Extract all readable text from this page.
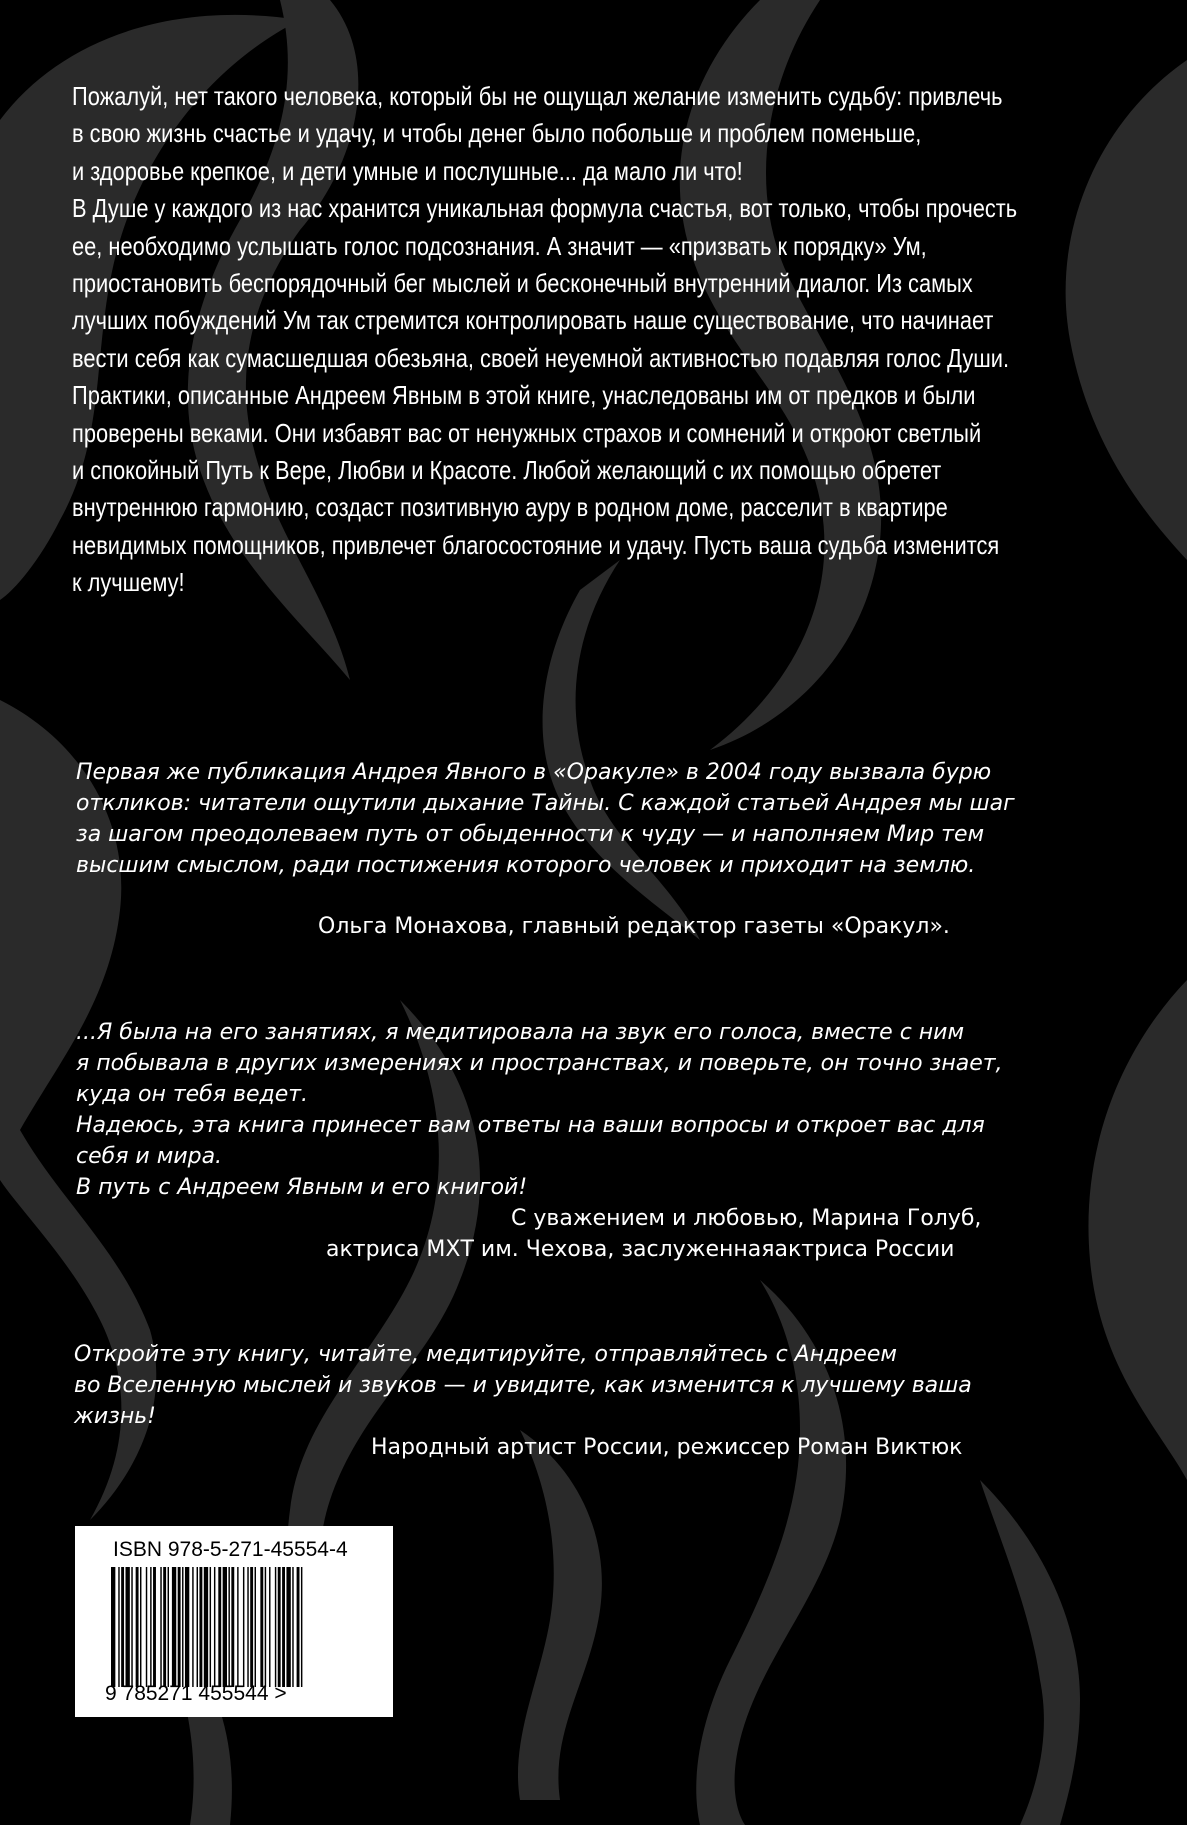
Пожалуй, нет такого человека, который бы не ощущал желание изменить судьбу: привлечь
в свою жизнь счастье и удачу, и чтобы денег было побольше и проблем поменьше,
и здоровье крепкое, и дети умные и послушные... да мало ли что!
В Душе у каждого из нас хранится уникальная формула счастья, вот только, чтобы прочесть
ее, необходимо услышать голос подсознания. А значит — «призвать к порядку» Ум,
приостановить беспорядочный бег мыслей и бесконечный внутренний диалог. Из самых
лучших побуждений Ум так стремится контролировать наше существование, что начинает
вести себя как сумасшедшая обезьяна, своей неуемной активностью подавляя голос Души.
Практики, описанные Андреем Явным в этой книге, унаследованы им от предков и были
проверены веками. Они избавят вас от ненужных страхов и сомнений и откроют светлый
и спокойный Путь к Вере, Любви и Красоте. Любой желающий с их помощью обретет
внутреннюю гармонию, создаст позитивную ауру в родном доме, расселит в квартире
невидимых помощников, привлечет благосостояние и удачу. Пусть ваша судьба изменится
к лучшему!
Первая же публикация Андрея Явного в «Оракуле» в 2004 году вызвала бурю
откликов: читатели ощутили дыхание Тайны. С каждой статьей Андрея мы шаг
за шагом преодолеваем путь от обыденности к чуду — и наполняем Мир тем
высшим смыслом, ради постижения которого человек и приходит на землю.
Ольга Монахова, главный редактор газеты «Оракул».
...Я была на его занятиях, я медитировала на звук его голоса, вместе с ним
я побывала в других измерениях и пространствах, и поверьте, он точно знает,
куда он тебя ведет.
Надеюсь, эта книга принесет вам ответы на ваши вопросы и откроет вас для
себя и мира.
В путь с Андреем Явным и его книгой!
С уважением и любовью, Марина Голуб,
актриса МХТ им. Чехова, заслуженнаяактриса России
Откройте эту книгу, читайте, медитируйте, отправляйтесь с Андреем
во Вселенную мыслей и звуков — и увидите, как изменится к лучшему ваша
жизнь!
Народный артист России, режиссер Роман Виктюк
ISBN 978-5-271-45554-4
9 785271 455544 >
